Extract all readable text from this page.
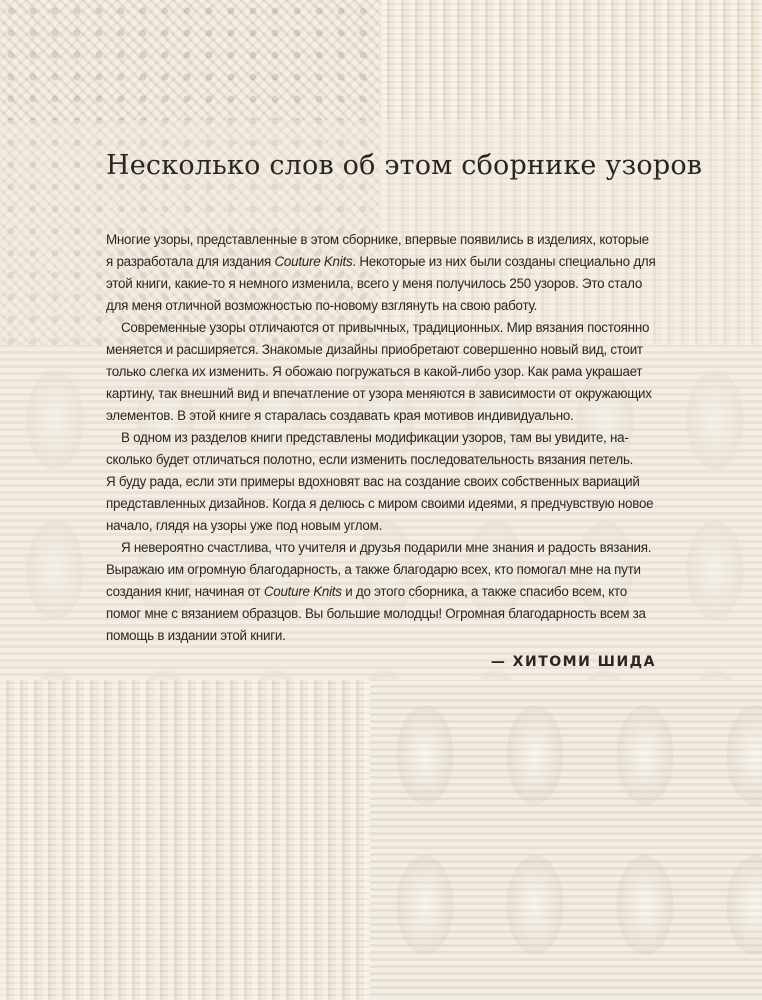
Несколько слов об этом сборнике узоров
Многие узоры, представленные в этом сборнике, впервые появились в изделиях, которые
я разработала для издания Couture Knits. Некоторые из них были созданы специально для
этой книги, какие-то я немного изменила, всего у меня получилось 250 узоров. Это стало
для меня отличной возможностью по-новому взглянуть на свою работу.
Современные узоры отличаются от привычных, традиционных. Мир вязания постоянно
меняется и расширяется. Знакомые дизайны приобретают совершенно новый вид, стоит
только слегка их изменить. Я обожаю погружаться в какой-либо узор. Как рама украшает
картину, так внешний вид и впечатление от узора меняются в зависимости от окружающих
элементов. В этой книге я старалась создавать края мотивов индивидуально.
В одном из разделов книги представлены модификации узоров, там вы увидите, на-
сколько будет отличаться полотно, если изменить последовательность вязания петель.
Я буду рада, если эти примеры вдохновят вас на создание своих собственных вариаций
представленных дизайнов. Когда я делюсь с миром своими идеями, я предчувствую новое
начало, глядя на узоры уже под новым углом.
Я невероятно счастлива, что учителя и друзья подарили мне знания и радость вязания.
Выражаю им огромную благодарность, а также благодарю всех, кто помогал мне на пути
создания книг, начиная от Couture Knits и до этого сборника, а также спасибо всем, кто
помог мне с вязанием образцов. Вы большие молодцы! Огромная благодарность всем за
помощь в издании этой книги.
— ХИТОМИ ШИДА
